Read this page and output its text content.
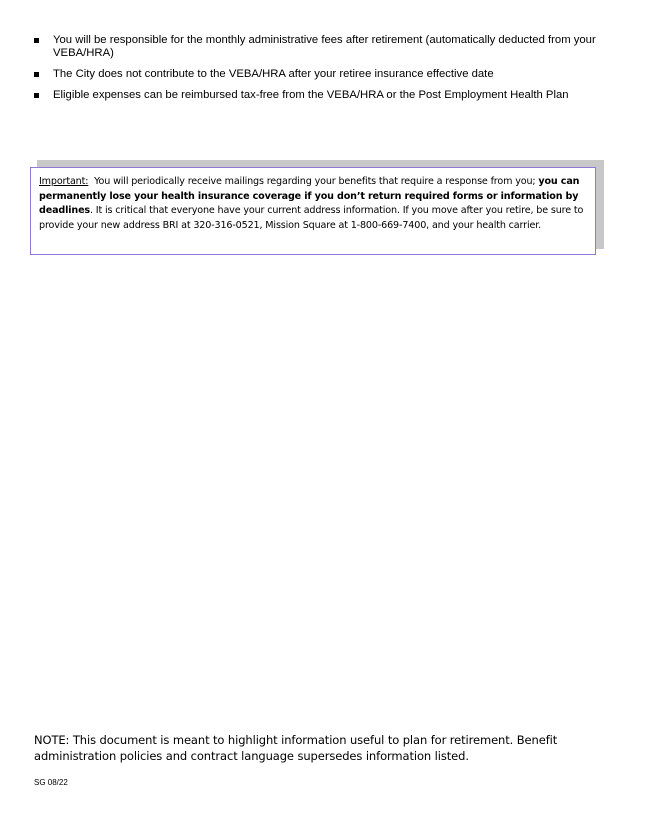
You will be responsible for the monthly administrative fees after retirement (automatically deducted from your VEBA/HRA)
The City does not contribute to the VEBA/HRA after your retiree insurance effective date
Eligible expenses can be reimbursed tax-free from the VEBA/HRA or the Post Employment Health Plan
Important: You will periodically receive mailings regarding your benefits that require a response from you; you can permanently lose your health insurance coverage if you don’t return required forms or information by deadlines. It is critical that everyone have your current address information. If you move after you retire, be sure to provide your new address BRI at 320-316-0521, Mission Square at 1-800-669-7400, and your health carrier.

NOTE: This document is meant to highlight information useful to plan for retirement. Benefit administration policies and contract language supersedes information listed.

SG 08/22
